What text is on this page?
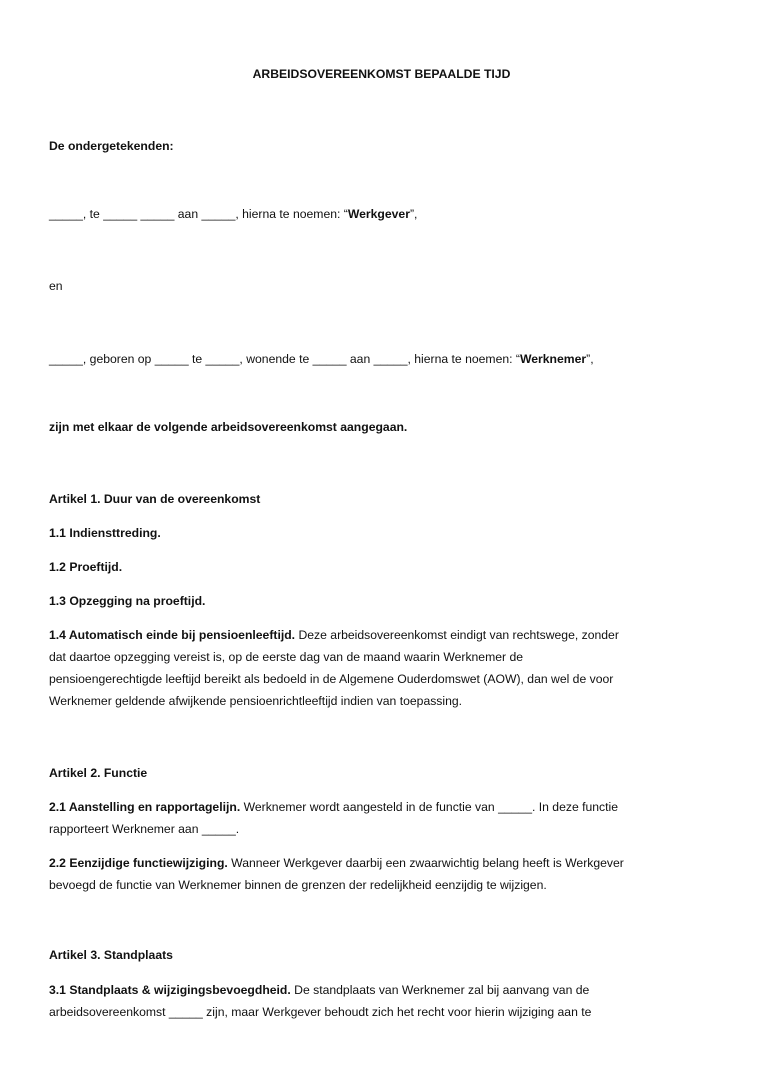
ARBEIDSOVEREENKOMST BEPAALDE TIJD

De ondergetekenden:

_____, te _____ _____ aan _____, hierna te noemen: “Werkgever”,

en

_____, geboren op _____ te _____, wonende te _____ aan _____, hierna te noemen: “Werknemer”,

zijn met elkaar de volgende arbeidsovereenkomst aangegaan.

Artikel 1. Duur van de overeenkomst

1.1 Indiensttreding.

1.2 Proeftijd.

1.3 Opzegging na proeftijd.

1.4 Automatisch einde bij pensioenleeftijd. Deze arbeidsovereenkomst eindigt van rechtswege, zonder

dat daartoe opzegging vereist is, op de eerste dag van de maand waarin Werknemer de

pensioengerechtigde leeftijd bereikt als bedoeld in de Algemene Ouderdomswet (AOW), dan wel de voor

Werknemer geldende afwijkende pensioenrichtleeftijd indien van toepassing.

Artikel 2. Functie

2.1 Aanstelling en rapportagelijn. Werknemer wordt aangesteld in de functie van _____. In deze functie

rapporteert Werknemer aan _____.

2.2 Eenzijdige functiewijziging. Wanneer Werkgever daarbij een zwaarwichtig belang heeft is Werkgever

bevoegd de functie van Werknemer binnen de grenzen der redelijkheid eenzijdig te wijzigen.

Artikel 3. Standplaats

3.1 Standplaats & wijzigingsbevoegdheid. De standplaats van Werknemer zal bij aanvang van de

arbeidsovereenkomst _____ zijn, maar Werkgever behoudt zich het recht voor hierin wijziging aan te
